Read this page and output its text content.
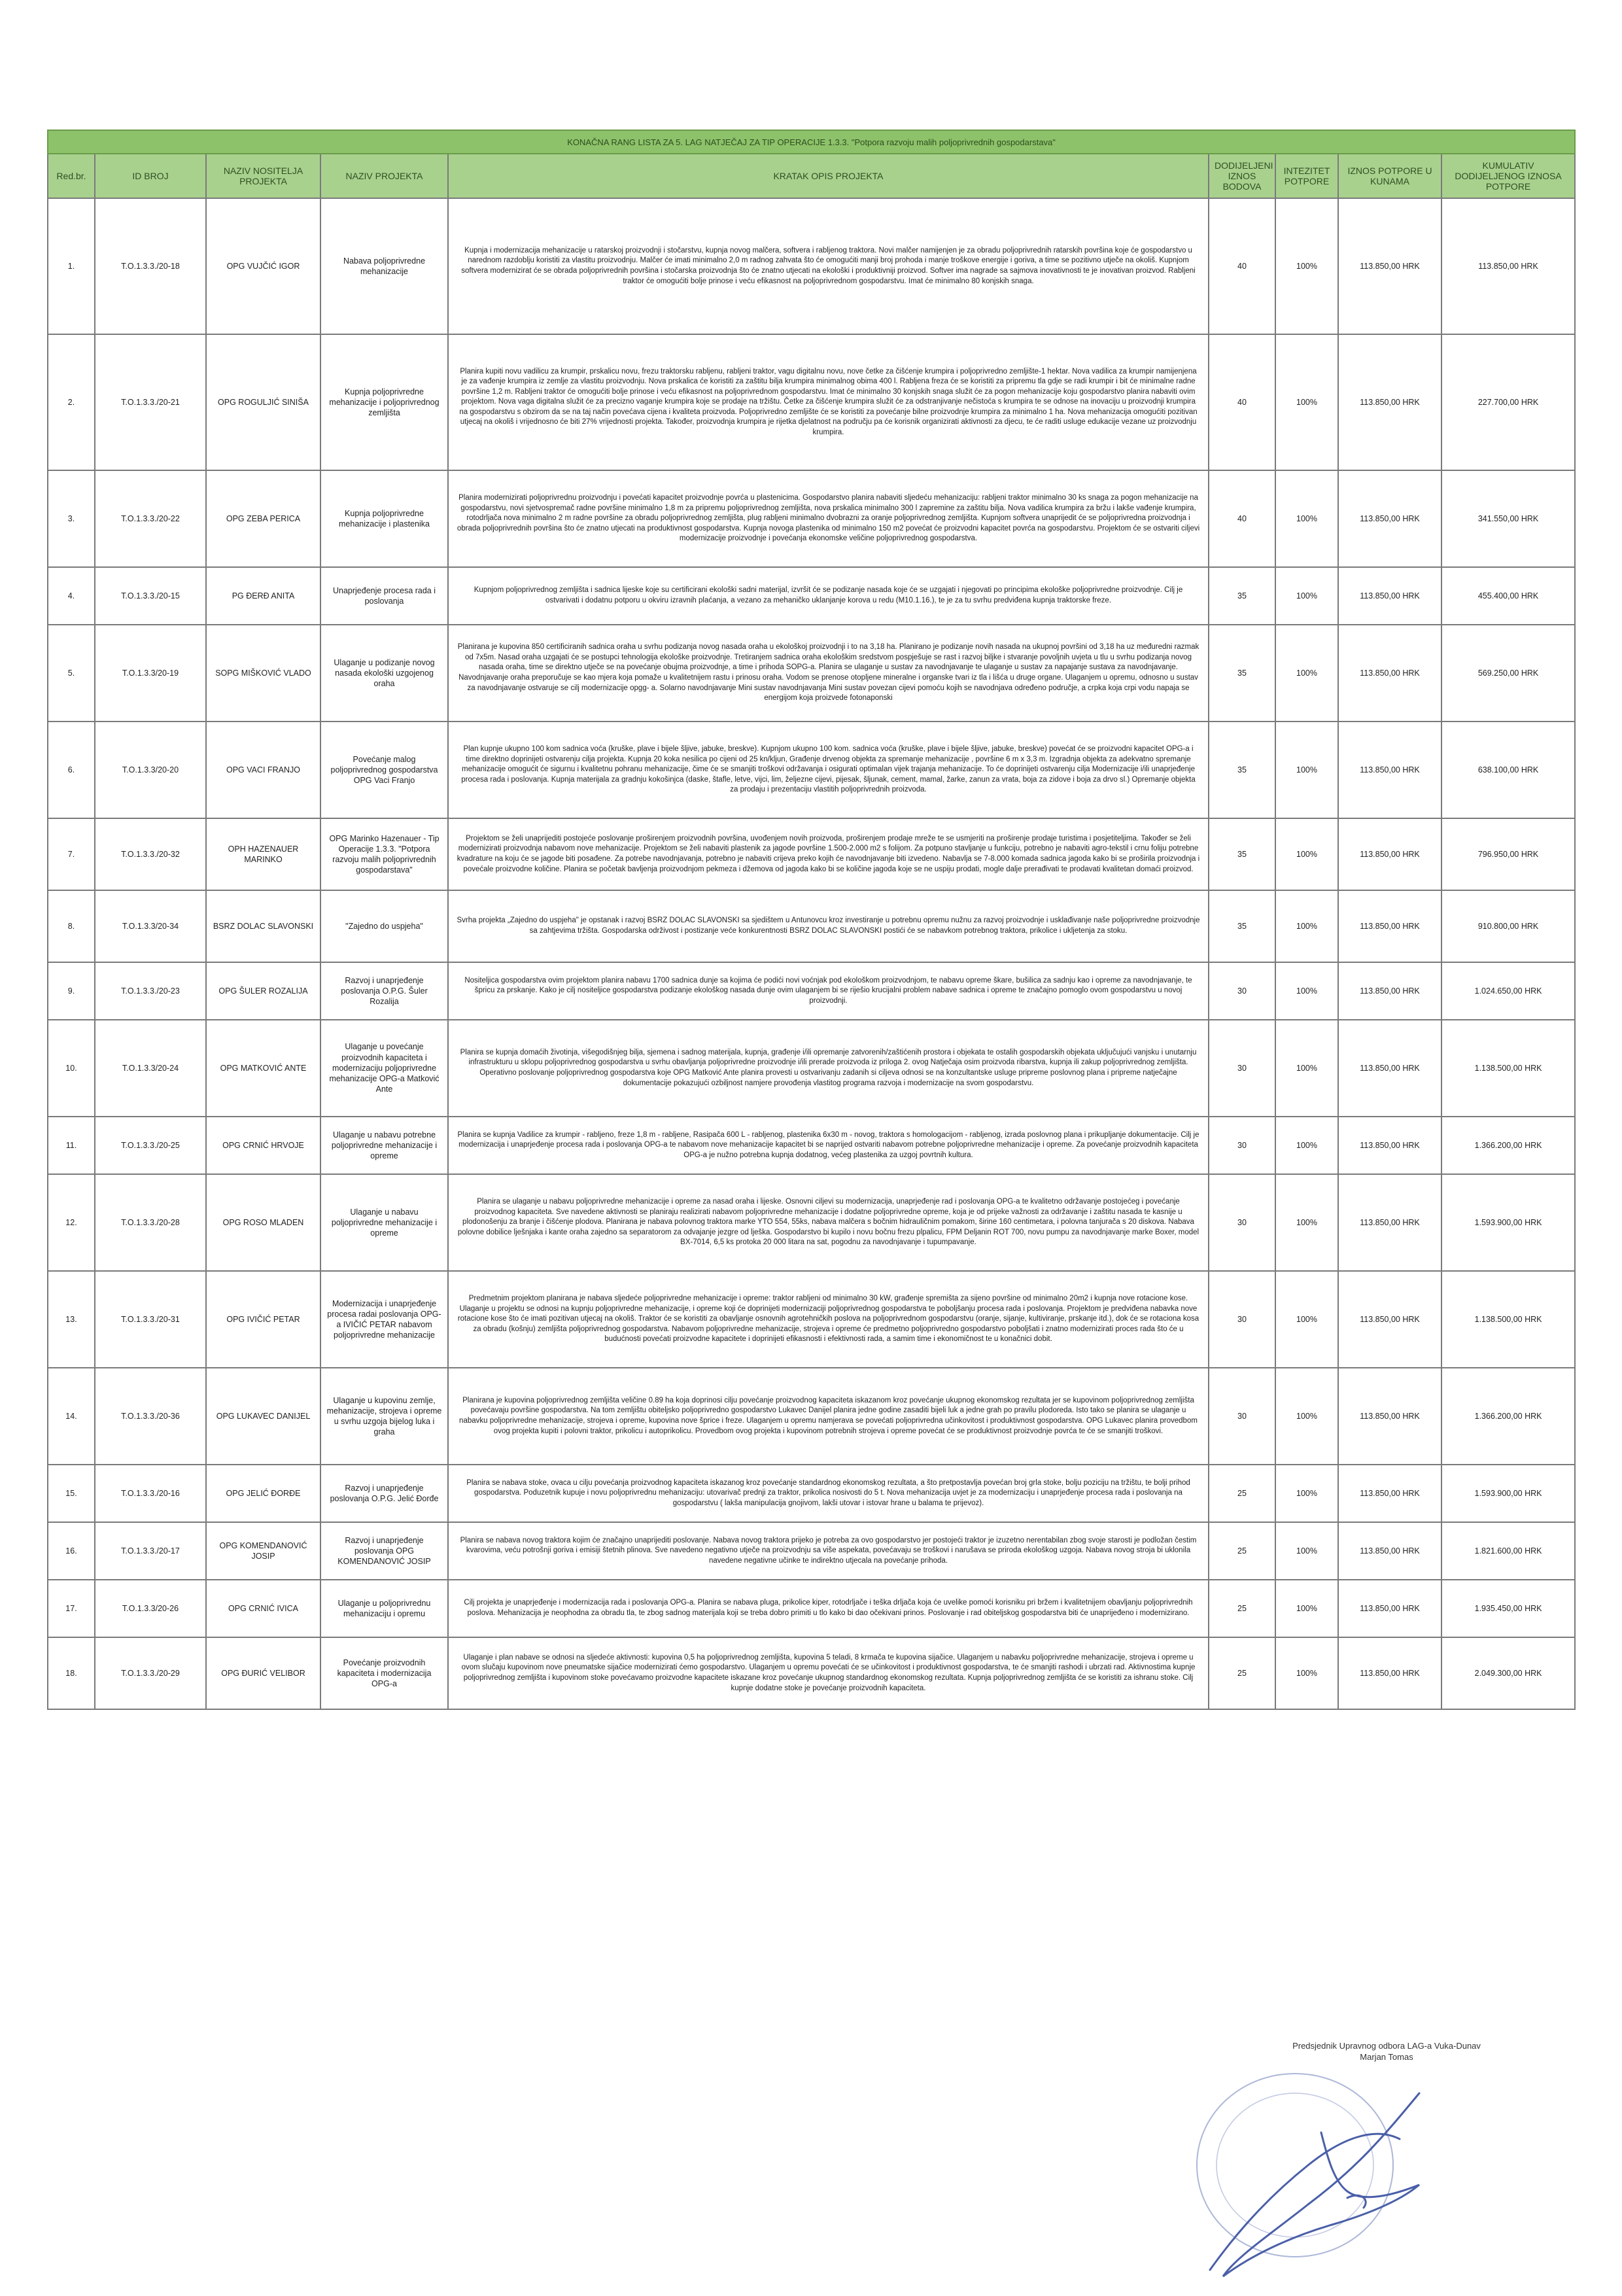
KONAČNA RANG LISTA ZA 5. LAG NATJEČAJ ZA TIP OPERACIJE 1.3.3. "Potpora razvoju malih poljoprivrednih gospodarstava"								
Red.br.	ID BROJ	NAZIV NOSITELJA PROJEKTA	NAZIV PROJEKTA	KRATAK OPIS PROJEKTA	DODIJELJENI IZNOS BODOVA	INTEZITET POTPORE	IZNOS POTPORE U KUNAMA	KUMULATIV DODIJELJENOG IZNOSA POTPORE
1.	T.O.1.3.3./20-18	OPG VUJČIĆ IGOR	Nabava poljoprivredne mehanizacije	Kupnja i modernizacija mehanizacije u ratarskoj proizvodnji i stočarstvu, kupnja novog malčera, softvera i rabljenog traktora. Novi malčer namijenjen je za obradu poljoprivrednih ratarskih površina koje će gospodarstvo u narednom razdoblju koristiti za vlastitu proizvodnju. Malčer će imati minimalno 2,0 m radnog zahvata što će omogućiti manji broj prohoda i manje troškove energije i goriva, a time se pozitivno utječe na okoliš. Kupnjom softvera modernizirat će se obrada poljoprivrednih površina i stočarska proizvodnja što će znatno utjecati na ekološki i produktivniji proizvod. Softver ima nagrade sa sajmova inovativnosti te je inovativan proizvod. Rabljeni traktor će omogućiti bolje prinose i veću efikasnost na poljoprivrednom gospodarstvu. Imat će minimalno 80 konjskih snaga.	40	100%	113.850,00 HRK	113.850,00 HRK
2.	T.O.1.3.3./20-21	OPG ROGULJIĆ SINIŠA	Kupnja poljoprivredne mehanizacije i poljoprivrednog zemljišta	Planira kupiti novu vadilicu za krumpir, prskalicu novu, frezu traktorsku rabljenu, rabljeni traktor, vagu digitalnu novu, nove četke za čišćenje krumpira i poljoprivredno zemljište-1 hektar. Nova vadilica za krumpir namijenjena je za vađenje krumpira iz zemlje za vlastitu proizvodnju. Nova prskalica će koristiti za zaštitu bilja krumpira minimalnog obima 400 l. Rabljena freza će se koristiti za pripremu tla gdje se radi krumpir i bit će minimalne radne površine 1,2 m. Rabljeni traktor će omogućiti bolje prinose i veću efikasnost na poljoprivrednom gospodarstvu. Imat će minimalno 30 konjskih snaga služit će za pogon mehanizacije koju gospodarstvo planira nabaviti ovim projektom. Nova vaga digitalna služit će za precizno vaganje krumpira koje se prodaje na tržištu. Četke za čišćenje krumpira služit će za odstranjivanje nečistoća s krumpira te se odnose na inovaciju u proizvodnji krumpira na gospodarstvu s obzirom da se na taj način povećava cijena i kvaliteta proizvoda. Poljoprivredno zemljište će se koristiti za povećanje bilne proizvodnje krumpira za minimalno 1 ha. Nova mehanizacija omogućiti pozitivan utjecaj na okoliš i vrijednosno će biti 27% vrijednosti projekta. Također, proizvodnja krumpira je rijetka djelatnost na području pa će korisnik organizirati aktivnosti za djecu, te će raditi usluge edukacije vezane uz proizvodnju krumpira.	40	100%	113.850,00 HRK	227.700,00 HRK
3.	T.O.1.3.3./20-22	OPG ZEBA PERICA	Kupnja poljoprivredne mehanizacije i plastenika	Planira modernizirati poljoprivrednu proizvodnju i povećati kapacitet proizvodnje povrća u plastenicima. Gospodarstvo planira nabaviti sljedeću mehanizaciju: rabljeni traktor minimalno 30 ks snaga za pogon mehanizacije na gospodarstvu, novi sjetvospremač radne površine minimalno 1,8 m za pripremu poljoprivrednog zemljišta, nova prskalica minimalno 300 l zapremine za zaštitu bilja. Nova vadilica krumpira za bržu i lakše vađenje krumpira, rotodrljača nova minimalno 2 m radne površine za obradu poljoprivrednog zemljišta, plug rabljeni minimalno dvobrazni za oranje poljoprivrednog zemljišta. Kupnjom softvera unaprijedit će se poljoprivredna proizvodnja i obrada poljoprivrednih površina što će znatno utjecati na produktivnost gospodarstva. Kupnja novoga plastenika od minimalno 150 m2 povećat će proizvodni kapacitet povrća na gospodarstvu. Projektom će se ostvariti ciljevi modernizacije proizvodnje i povećanja ekonomske veličine poljoprivrednog gospodarstva.	40	100%	113.850,00 HRK	341.550,00 HRK
4.	T.O.1.3.3./20-15	PG ĐERĐ ANITA	Unaprjeđenje procesa rada i poslovanja	Kupnjom poljoprivrednog zemljišta i sadnica lijeske koje su certificirani ekološki sadni materijal, izvršit će se podizanje nasada koje će se uzgajati i njegovati po principima ekološke poljoprivredne proizvodnje. Cilj je ostvarivati i dodatnu potporu u okviru izravnih plaćanja, a vezano za mehaničko uklanjanje korova u redu (M10.1.16.), te je za tu svrhu predviđena kupnja traktorske freze.	35	100%	113.850,00 HRK	455.400,00 HRK
5.	T.O.1.3.3/20-19	SOPG MIŠKOVIĆ VLADO	Ulaganje u podizanje novog nasada ekološki uzgojenog oraha	Planirana je kupovina 850 certificiranih sadnica oraha u svrhu podizanja novog nasada oraha u ekološkoj proizvodnji i to na 3,18 ha. Planirano je podizanje novih nasada na ukupnoj površini od 3,18 ha uz međuredni razmak od 7x5m. Nasad oraha uzgajati će se postupci tehnologija ekološke proizvodnje. Tretiranjem sadnica oraha ekološkim sredstvom pospješuje se rast i razvoj biljke i stvaranje povoljnih uvjeta u tlu u svrhu podizanja novog nasada oraha, time se direktno utječe se na povećanje obujma proizvodnje, a time i prihoda SOPG-a. Planira se ulaganje u sustav za navodnjavanje te ulaganje u sustav za napajanje sustava za navodnjavanje. Navodnjavanje oraha preporučuje se kao mjera koja pomaže u kvalitetnijem rastu i prinosu oraha. Vodom se prenose otopljene mineralne i organske tvari iz tla i lišća u druge organe. Ulaganjem u opremu, odnosno u sustav za navodnjavanje ostvaruje se cilj modernizacije opgg- a. Solarno navodnjavanje Mini sustav navodnjavanja Mini sustav povezan cijevi pomoću kojih se navodnjava određeno područje, a crpka koja crpi vodu napaja se energijom koja proizvede fotonaponski	35	100%	113.850,00 HRK	569.250,00 HRK
6.	T.O.1.3.3/20-20	OPG VACI FRANJO	Povećanje malog poljoprivrednog gospodarstva OPG Vaci Franjo	Plan kupnje ukupno 100 kom sadnica voća (kruške, plave i bijele šljive, jabuke, breskve). Kupnjom ukupno 100 kom. sadnica voća (kruške, plave i bijele šljive, jabuke, breskve) povećat će se proizvodni kapacitet OPG-a i time direktno doprinijeti ostvarenju cilja projekta. Kupnja 20 koka nesilica po cijeni od 25 kn/kljun, Građenje drvenog objekta za spremanje mehanizacije , površine 6 m x 3,3 m. Izgradnja objekta za adekvatno spremanje mehanizacije omogućit će sigurnu i kvalitetnu pohranu mehanizacije, čime će se smanjiti troškovi održavanja i osigurati optimalan vijek trajanja mehanizacije. To će doprinijeti ostvarenju cilja Modernizacije i/ili unaprjeđenje procesa rada i poslovanja. Kupnja materijala za gradnju kokošinjca (daske, štafle, letve, vijci, lim, željezne cijevi, pijesak, šljunak, cement, mamal, žarke, zanun za vrata, boja za zidove i boja za drvo sl.) Opremanje objekta za prodaju i prezentaciju vlastitih poljoprivrednih proizvoda.	35	100%	113.850,00 HRK	638.100,00 HRK
7.	T.O.1.3.3./20-32	OPH HAZENAUER MARINKO	OPG Marinko Hazenauer - Tip Operacije 1.3.3. "Potpora razvoju malih poljoprivrednih gospodarstava"	Projektom se želi unaprijediti postojeće poslovanje proširenjem proizvodnih površina, uvođenjem novih proizvoda, proširenjem prodaje mreže te se usmjeriti na proširenje prodaje turistima i posjetiteljima. Također se želi modernizirati proizvodnja nabavom nove mehanizacije. Projektom se želi nabaviti plastenik za jagode površine 1.500-2.000 m2 s folijom. Za potpuno stavljanje u funkciju, potrebno je nabaviti agro-tekstil i crnu foliju potrebne kvadrature na koju će se jagode biti posađene. Za potrebe navodnjavanja, potrebno je nabaviti crijeva preko kojih će navodnjavanje biti izvedeno. Nabavlja se 7-8.000 komada sadnica jagoda kako bi se proširila proizvodnja i povećale proizvodne količine. Planira se početak bavljenja proizvodnjom pekmeza i džemova od jagoda kako bi se količine jagoda koje se ne uspiju prodati, mogle dalje prerađivati te prodavati kvalitetan domaći proizvod.	35	100%	113.850,00 HRK	796.950,00 HRK
8.	T.O.1.3.3/20-34	BSRZ DOLAC SLAVONSKI	"Zajedno do uspjeha"	Svrha projekta „Zajedno do uspjeha" je opstanak i razvoj BSRZ DOLAC SLAVONSKI sa sjedištem u Antunovcu kroz investiranje u potrebnu opremu nužnu za razvoj proizvodnje i usklađivanje naše poljoprivredne proizvodnje sa zahtjevima tržišta. Gospodarska održivost i postizanje veće konkurentnosti BSRZ DOLAC SLAVONSKI postići će se nabavkom potrebnog traktora, prikolice i ukljetenja za stoku.	35	100%	113.850,00 HRK	910.800,00 HRK
9.	T.O.1.3.3./20-23	OPG ŠULER ROZALIJA	Razvoj i unaprjeđenje poslovanja O.P.G. Šuler Rozalija	Nositeljica gospodarstva ovim projektom planira nabavu 1700 sadnica dunje sa kojima će podići novi voćnjak pod ekološkom proizvodnjom, te nabavu opreme škare, bušilica za sadnju kao i opreme za navodnjavanje, te špricu za prskanje. Kako je cilj nositeljice gospodarstva podizanje ekološkog nasada dunje ovim ulaganjem bi se riješio krucijalni problem nabave sadnica i opreme te značajno pomoglo ovom gospodarstvu u novoj proizvodnji.	30	100%	113.850,00 HRK	1.024.650,00 HRK
10.	T.O.1.3.3/20-24	OPG MATKOVIĆ ANTE	Ulaganje u povećanje proizvodnih kapaciteta i modernizaciju poljoprivredne mehanizacije OPG-a Matković Ante	Planira se kupnja domaćih životinja, višegodišnjeg bilja, sjemena i sadnog materijala, kupnja, građenje i/ili opremanje zatvorenih/zaštićenih prostora i objekata te ostalih gospodarskih objekata uključujući vanjsku i unutarnju infrastrukturu u sklopu poljoprivrednog gospodarstva u svrhu obavljanja poljoprivredne proizvodnje i/ili prerade proizvoda iz priloga 2. ovog Natječaja osim proizvoda ribarstva, kupnja ili zakup poljoprivrednog zemljišta. Operativno poslovanje poljoprivrednog gospodarstva koje OPG Matković Ante planira provesti u ostvarivanju zadanih si ciljeva odnosi se na konzultantske usluge pripreme poslovnog plana i pripreme natječajne dokumentacije pokazujući ozbiljnost namjere provođenja vlastitog programa razvoja i modernizacije na svom gospodarstvu.	30	100%	113.850,00 HRK	1.138.500,00 HRK
11.	T.O.1.3.3./20-25	OPG CRNIĆ HRVOJE	Ulaganje u nabavu potrebne poljoprivredne mehanizacije i opreme	Planira se kupnja Vadilice za krumpir - rabljeno, freze 1,8 m - rabljene, Rasipača 600 L - rabljenog, plastenika 6x30 m - novog, traktora s homologacijom - rabljenog, izrada poslovnog plana i prikupljanje dokumentacije. Cilj je modernizacija i unaprjeđenje procesa rada i poslovanja OPG-a te nabavom nove mehanizacije kapacitet bi se naprijed ostvariti nabavom potrebne poljoprivredne mehanizacije i opreme. Za povećanje proizvodnih kapaciteta OPG-a je nužno potrebna kupnja dodatnog, većeg plastenika za uzgoj povrtnih kultura.	30	100%	113.850,00 HRK	1.366.200,00 HRK
12.	T.O.1.3.3./20-28	OPG ROSO MLADEN	Ulaganje u nabavu poljoprivredne mehanizacije i opreme	Planira se ulaganje u nabavu poljoprivredne mehanizacije i opreme za nasad oraha i lijeske. Osnovni ciljevi su modernizacija, unaprjeđenje rad i poslovanja OPG-a te kvalitetno održavanje postojećeg i povećanje proizvodnog kapaciteta. Sve navedene aktivnosti se planiraju realizirati nabavom poljoprivredne mehanizacije i dodatne poljoprivredne opreme, koja je od prijeke važnosti za održavanje i zaštitu nasada te kasnije u plodonošenju za branje i čišćenje plodova. Planirana je nabava polovnog traktora marke YTO 554, 55ks, nabava malčera s bočnim hidrauličnim pomakom, širine 160 centimetara, i polovna tanjurača s 20 diskova. Nabava polovne dobilice lješnjaka i kante oraha zajedno sa separatorom za odvajanje jezgre od lješka. Gospodarstvo bi kupilo i novu bočnu frezu plpalicu, FPM Deljanin ROT 700, novu pumpu za navodnjavanje marke Boxer, model BX-7014, 6,5 ks protoka 20 000 litara na sat, pogodnu za navodnjavanje i tupumpavanje.	30	100%	113.850,00 HRK	1.593.900,00 HRK
13.	T.O.1.3.3./20-31	OPG IVIČIĆ PETAR	Modernizacija i unaprjeđenje procesa radai poslovanja OPG-a IVIČIĆ PETAR nabavom poljoprivredne mehanizacije	Predmetnim projektom planirana je nabava sljedeće poljoprivredne mehanizacije i opreme: traktor rabljeni od minimalno 30 kW, građenje spremišta za sijeno površine od minimalno 20m2 i kupnja nove rotacione kose. Ulaganje u projektu se odnosi na kupnju poljoprivredne mehanizacije, i opreme koji će doprinijeti modernizaciji poljoprivrednog gospodarstva te poboljšanju procesa rada i poslovanja. Projektom je predviđena nabavka nove rotacione kose što će imati pozitivan utjecaj na okoliš. Traktor će se koristiti za obavljanje osnovnih agrotehničkih poslova na poljoprivrednom gospodarstvu (oranje, sijanje, kultiviranje, prskanje itd.), dok će se rotaciona kosa za obradu (košnju) zemljišta poljoprivrednog gospodarstva. Nabavom poljoprivredne mehanizacije, strojeva i opreme će predmetno poljoprivredno gospodarstvo poboljšati i znatno modernizirati proces rada što će u budućnosti povećati proizvodne kapacitete i doprinijeti efikasnosti i efektivnosti rada, a samim time i ekonomičnost te u konačnici dobit.	30	100%	113.850,00 HRK	1.138.500,00 HRK
14.	T.O.1.3.3./20-36	OPG LUKAVEC DANIJEL	Ulaganje u kupovinu zemlje, mehanizacije, strojeva i opreme u svrhu uzgoja bijelog luka i graha	Planirana je kupovina poljoprivrednog zemljišta veličine 0.89 ha koja doprinosi cilju povećanje proizvodnog kapaciteta iskazanom kroz povećanje ukupnog ekonomskog rezultata jer se kupovinom poljoprivrednog zemljišta povećavaju površine gospodarstva. Na tom zemljištu obiteljsko poljoprivredno gospodarstvo Lukavec Danijel planira jedne godine zasaditi bijeli luk a jedne grah po pravilu plodoreda. Isto tako se planira se ulaganje u nabavku poljoprivredne mehanizacije, strojeva i opreme, kupovina nove šprice i freze. Ulaganjem u opremu namjerava se povećati poljoprivredna učinkovitost i produktivnost gospodarstva. OPG Lukavec planira provedbom ovog projekta kupiti i polovni traktor, prikolicu i autoprikolicu. Provedbom ovog projekta i kupovinom potrebnih strojeva i opreme povećat će se produktivnost proizvodnje povrća te će se smanjiti troškovi.	30	100%	113.850,00 HRK	1.366.200,00 HRK
15.	T.O.1.3.3./20-16	OPG JELIĆ ĐORĐE	Razvoj i unaprjeđenje poslovanja O.P.G. Jelić Đorđe	Planira se nabava stoke, ovaca u cilju povećanja proizvodnog kapaciteta iskazanog kroz povećanje standardnog ekonomskog rezultata, a što pretpostavlja povećan broj grla stoke, bolju poziciju na tržištu, te bolji prihod gospodarstva. Poduzetnik kupuje i novu poljoprivrednu mehanizaciju: utovarivač prednji za traktor, prikolica nosivosti do 5 t. Nova mehanizacija uvjet je za modernizaciju i unaprjeđenje procesa rada i poslovanja na gospodarstvu ( lakša manipulacija gnojivom, lakši utovar i istovar hrane u balama te prijevoz).	25	100%	113.850,00 HRK	1.593.900,00 HRK
16.	T.O.1.3.3./20-17	OPG KOMENDANOVIĆ JOSIP	Razvoj i unaprjeđenje poslovanja OPG KOMENDANOVIĆ JOSIP	Planira se nabava novog traktora kojim će značajno unaprijediti poslovanje. Nabava novog traktora prijeko je potreba za ovo gospodarstvo jer postojeći traktor je izuzetno nerentabilan zbog svoje starosti je podložan čestim kvarovima, veću potrošnji goriva i emisiji štetnih plinova. Sve navedeno negativno utječe na proizvodnju sa više aspekata, povećavaju se troškovi i narušava se priroda ekološkog uzgoja. Nabava novog stroja bi uklonila navedene negativne učinke te indirektno utjecala na povećanje prihoda.	25	100%	113.850,00 HRK	1.821.600,00 HRK
17.	T.O.1.3.3/20-26	OPG CRNIĆ IVICA	Ulaganje u poljoprivrednu mehanizaciju i opremu	Cilj projekta je unaprjeđenje i modernizacija rada i poslovanja OPG-a. Planira se nabava pluga, prikolice kiper, rotodrljače i teška drljača koja će uvelike pomoći korisniku pri bržem i kvalitetnijem obavljanju poljoprivrednih poslova. Mehanizacija je neophodna za obradu tla, te zbog sadnog materijala koji se treba dobro primiti u tlo kako bi dao očekivani prinos. Poslovanje i rad obiteljskog gospodarstva biti će unaprijeđeno i modernizirano.	25	100%	113.850,00 HRK	1.935.450,00 HRK
18.	T.O.1.3.3./20-29	OPG ĐURIĆ VELIBOR	Povećanje proizvodnih kapaciteta i modernizacija OPG-a	Ulaganje i plan nabave se odnosi na sljedeće aktivnosti: kupovina 0,5 ha poljoprivrednog zemljišta, kupovina 5 teladi, 8 krmača te kupovina sijačice. Ulaganjem u nabavku poljoprivredne mehanizacije, strojeva i opreme u ovom slučaju kupovinom nove pneumatske sijačice modernizirati ćemo gospodarstvo. Ulaganjem u opremu povećati će se učinkovitost i produktivnost gospodarstva, te će smanjiti rashodi i ubrzati rad. Aktivnostima kupnje poljoprivrednog zemljišta i kupovinom stoke povećavamo proizvodne kapacitete iskazane kroz povećanje ukupnog standardnog ekonomskog rezultata. Kupnja poljoprivrednog zemljišta će se koristiti za ishranu stoke. Cilj kupnje dodatne stoke je povećanje proizvodnih kapaciteta.	25	100%	113.850,00 HRK	2.049.300,00 HRK
Predsjednik Upravnog odbora LAG-a Vuka-Dunav
Marjan Tomas
